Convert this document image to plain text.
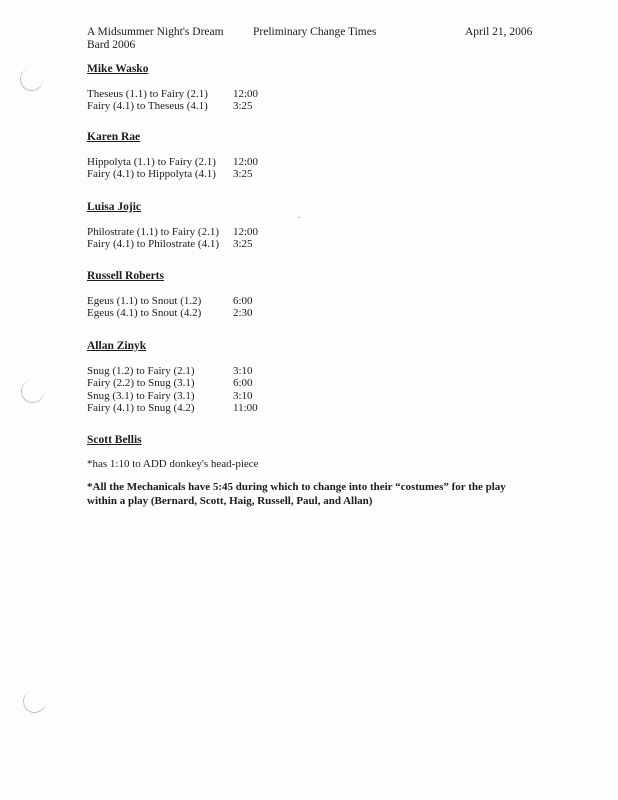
A Midsummer Night's Dream
Bard 2006
Preliminary Change Times	April 21, 2006
Mike Wasko
Theseus (1.1) to Fairy (2.1) 12:00
Fairy (4.1) to Theseus (4.1) 3:25
Karen Rae
Hippolyta (1.1) to Fairy (2.1) 12:00
Fairy (4.1) to Hippolyta (4.1) 3:25
Luisa Jojic
Philostrate (1.1) to Fairy (2.1) 12:00
Fairy (4.1) to Philostrate (4.1) 3:25
Russell Roberts
Egeus (1.1) to Snout (1.2)	6:00
Egeus (4.1) to Snout (4.2)	2:30
Allan Zinyk
Snug (1.2) to Fairy (2.1)	3:10
Fairy (2.2) to Snug (3.1)	6:00
Snug (3.1) to Fairy (3.1)	3:10
Fairy (4.1) to Snug (4.2)	11:00
Scott Bellis
*has 1:10 to ADD donkey's head-piece
*All the Mechanicals have 5:45 during which to change into their “costumes” for the play within a play (Bernard, Scott, Haig, Russell, Paul, and Allan)
